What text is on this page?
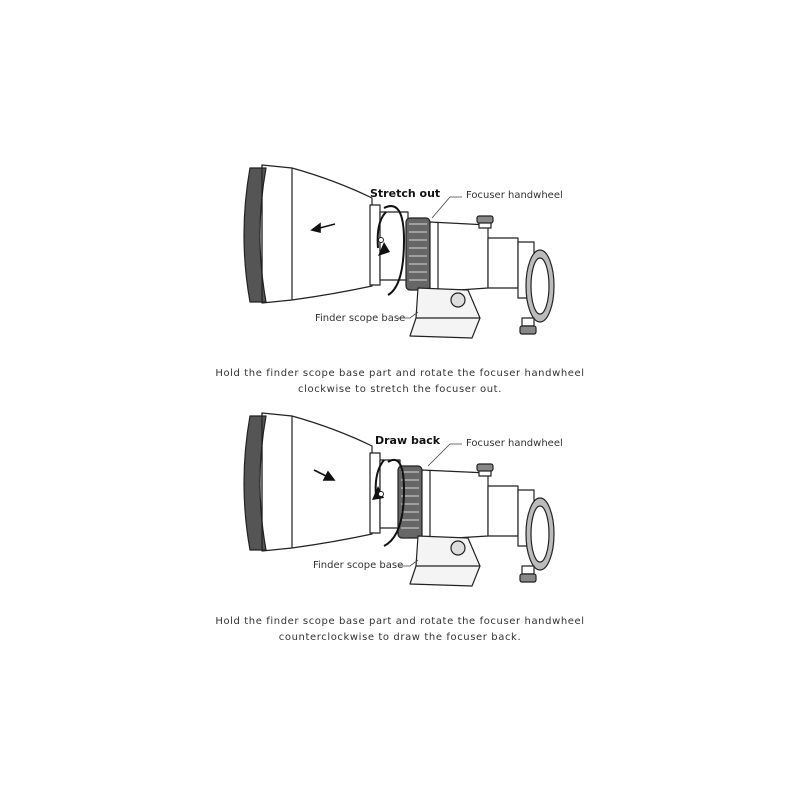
Stretch out	Focuser handwheel
Finder scope base
Hold the finder scope base part and rotate the focuser handwheel
clockwise to stretch the focuser out.
Draw back	Focuser handwheel
Finder scope base
Hold the finder scope base part and rotate the focuser handwheel
counterclockwise to draw the focuser back.
